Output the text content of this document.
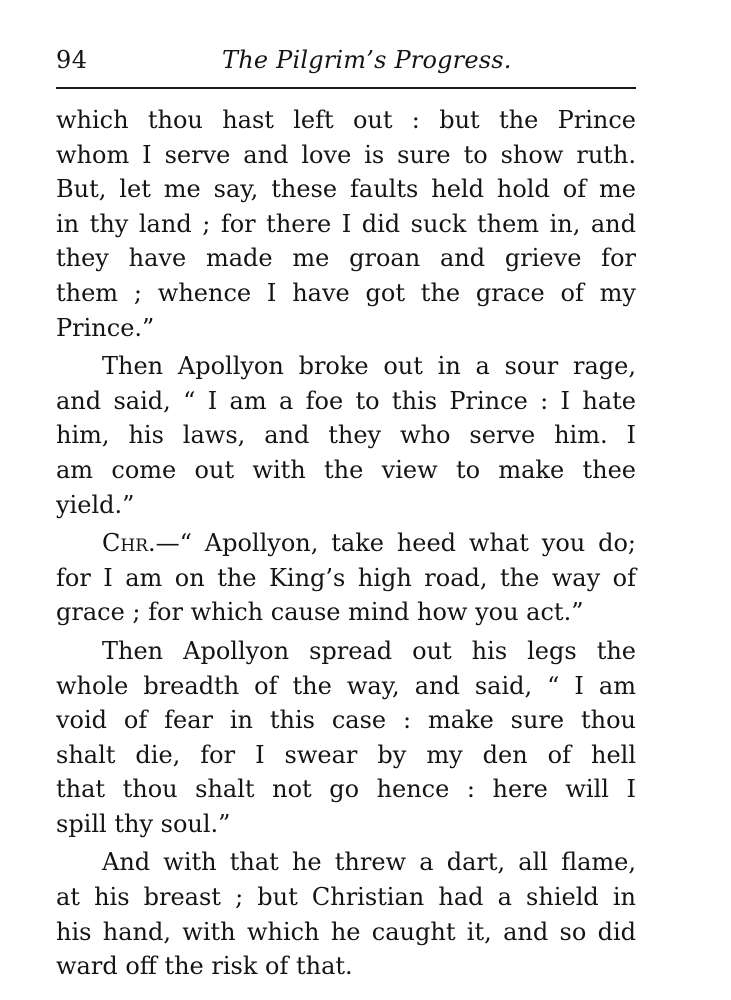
94	The Pilgrim’s Progress.
which thou hast left out : but the Prince
whom I serve and love is sure to show ruth.
But, let me say, these faults held hold of me
in thy land ; for there I did suck them in, and
they have made me groan and grieve for
them ; whence I have got the grace of my
Prince.”
Then Apollyon broke out in a sour rage,
and said, “ I am a foe to this Prince : I hate
him, his laws, and they who serve him. I
am come out with the view to make thee
yield.”
Chr.—“ Apollyon, take heed what you do;
for I am on the King’s high road, the way of
grace ; for which cause mind how you act.”
Then Apollyon spread out his legs the
whole breadth of the way, and said, “ I am
void of fear in this case : make sure thou
shalt die, for I swear by my den of hell
that thou shalt not go hence : here will I
spill thy soul.”
And with that he threw a dart, all flame,
at his breast ; but Christian had a shield in
his hand, with which he caught it, and so did
ward off the risk of that.
